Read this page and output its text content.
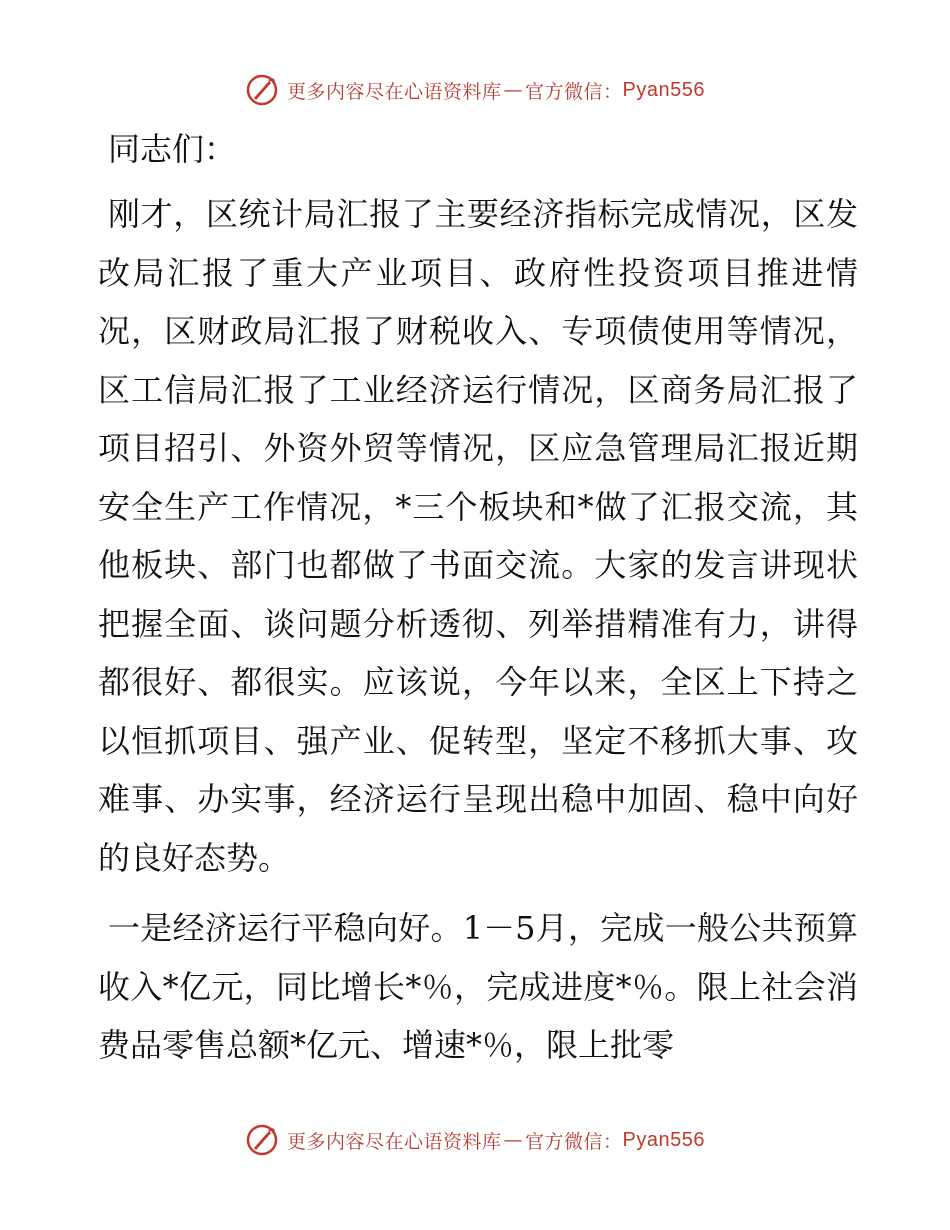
更多内容尽在心语资料库 — 官方微信： Pyan556

同志们：

刚才，区统计局汇报了主要经济指标完成情况，区发改局汇报了重大产业项目、政府性投资项目推进情况，区财政局汇报了财税收入、专项债使用等情况，区工信局汇报了工业经济运行情况，区商务局汇报了项目招引、外资外贸等情况，区应急管理局汇报近期安全生产工作情况，*三个板块和*做了汇报交流，其他板块、部门也都做了书面交流。大家的发言讲现状把握全面、谈问题分析透彻、列举措精准有力，讲得都很好、都很实。应该说，今年以来，全区上下持之以恒抓项目、强产业、促转型，坚定不移抓大事、攻难事、办实事，经济运行呈现出稳中加固、稳中向好的良好态势。

一是经济运行平稳向好。1－5月，完成一般公共预算收入*亿元，同比增长*％，完成进度*％。限上社会消费品零售总额*亿元、增速*％，限上批零

更多内容尽在心语资料库 — 官方微信： Pyan556
